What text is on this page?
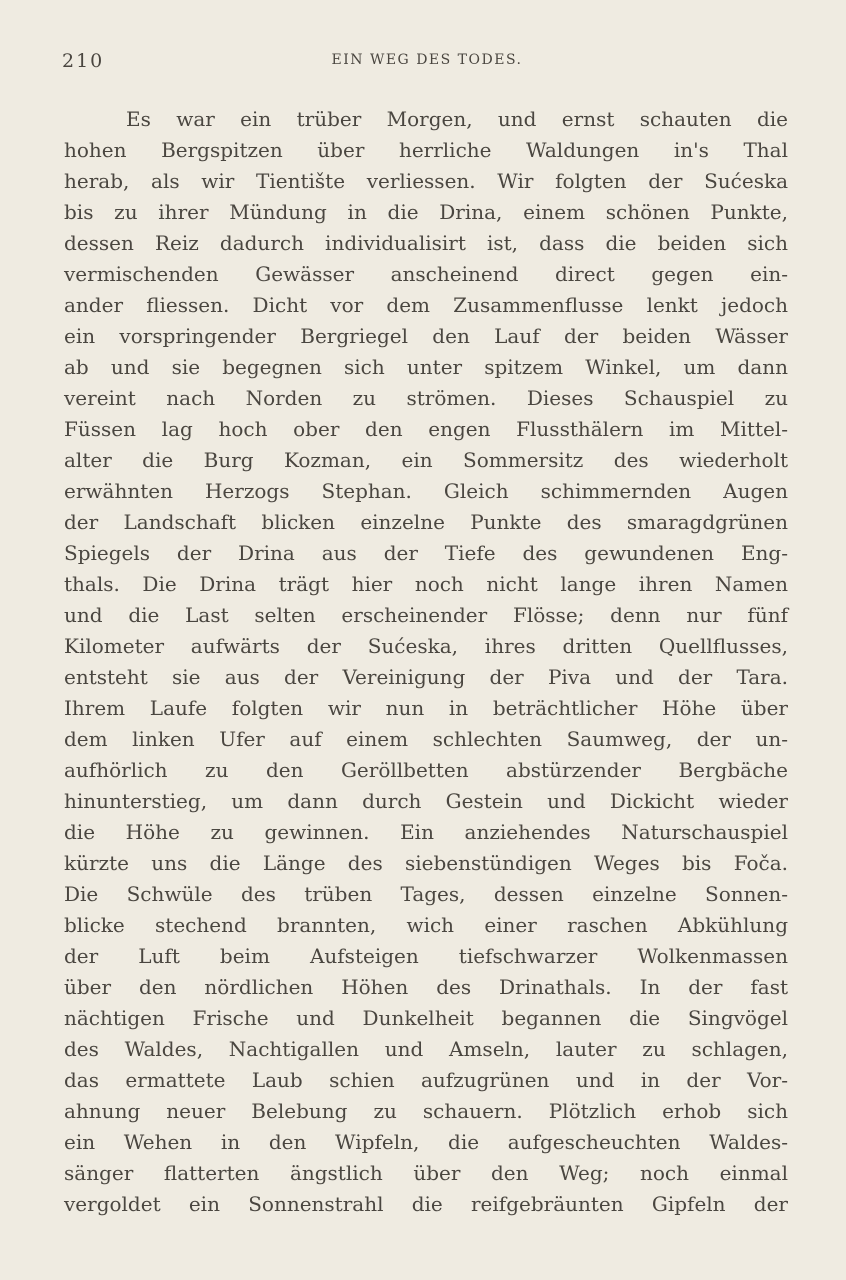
210	EIN WEG DES TODES.
Es war ein trüber Morgen, und ernst schauten die
hohen Bergspitzen über herrliche Waldungen in's Thal
herab, als wir Tientište verliessen. Wir folgten der Sućeska
bis zu ihrer Mündung in die Drina, einem schönen Punkte,
dessen Reiz dadurch individualisirt ist, dass die beiden sich
vermischenden Gewässer anscheinend direct gegen ein-
ander fliessen. Dicht vor dem Zusammenflusse lenkt jedoch
ein vorspringender Bergriegel den Lauf der beiden Wässer
ab und sie begegnen sich unter spitzem Winkel, um dann
vereint nach Norden zu strömen. Dieses Schauspiel zu
Füssen lag hoch ober den engen Flussthälern im Mittel-
alter die Burg Kozman, ein Sommersitz des wiederholt
erwähnten Herzogs Stephan. Gleich schimmernden Augen
der Landschaft blicken einzelne Punkte des smaragdgrünen
Spiegels der Drina aus der Tiefe des gewundenen Eng-
thals. Die Drina trägt hier noch nicht lange ihren Namen
und die Last selten erscheinender Flösse; denn nur fünf
Kilometer aufwärts der Sućeska, ihres dritten Quellflusses,
entsteht sie aus der Vereinigung der Piva und der Tara.
Ihrem Laufe folgten wir nun in beträchtlicher Höhe über
dem linken Ufer auf einem schlechten Saumweg, der un-
aufhörlich zu den Geröllbetten abstürzender Bergbäche
hinunterstieg, um dann durch Gestein und Dickicht wieder
die Höhe zu gewinnen. Ein anziehendes Naturschauspiel
kürzte uns die Länge des siebenstündigen Weges bis Foča.
Die Schwüle des trüben Tages, dessen einzelne Sonnen-
blicke stechend brannten, wich einer raschen Abkühlung
der Luft beim Aufsteigen tiefschwarzer Wolkenmassen
über den nördlichen Höhen des Drinathals. In der fast
nächtigen Frische und Dunkelheit begannen die Singvögel
des Waldes, Nachtigallen und Amseln, lauter zu schlagen,
das ermattete Laub schien aufzugrünen und in der Vor-
ahnung neuer Belebung zu schauern. Plötzlich erhob sich
ein Wehen in den Wipfeln, die aufgescheuchten Waldes-
sänger flatterten ängstlich über den Weg; noch einmal
vergoldet ein Sonnenstrahl die reifgebräunten Gipfeln der
